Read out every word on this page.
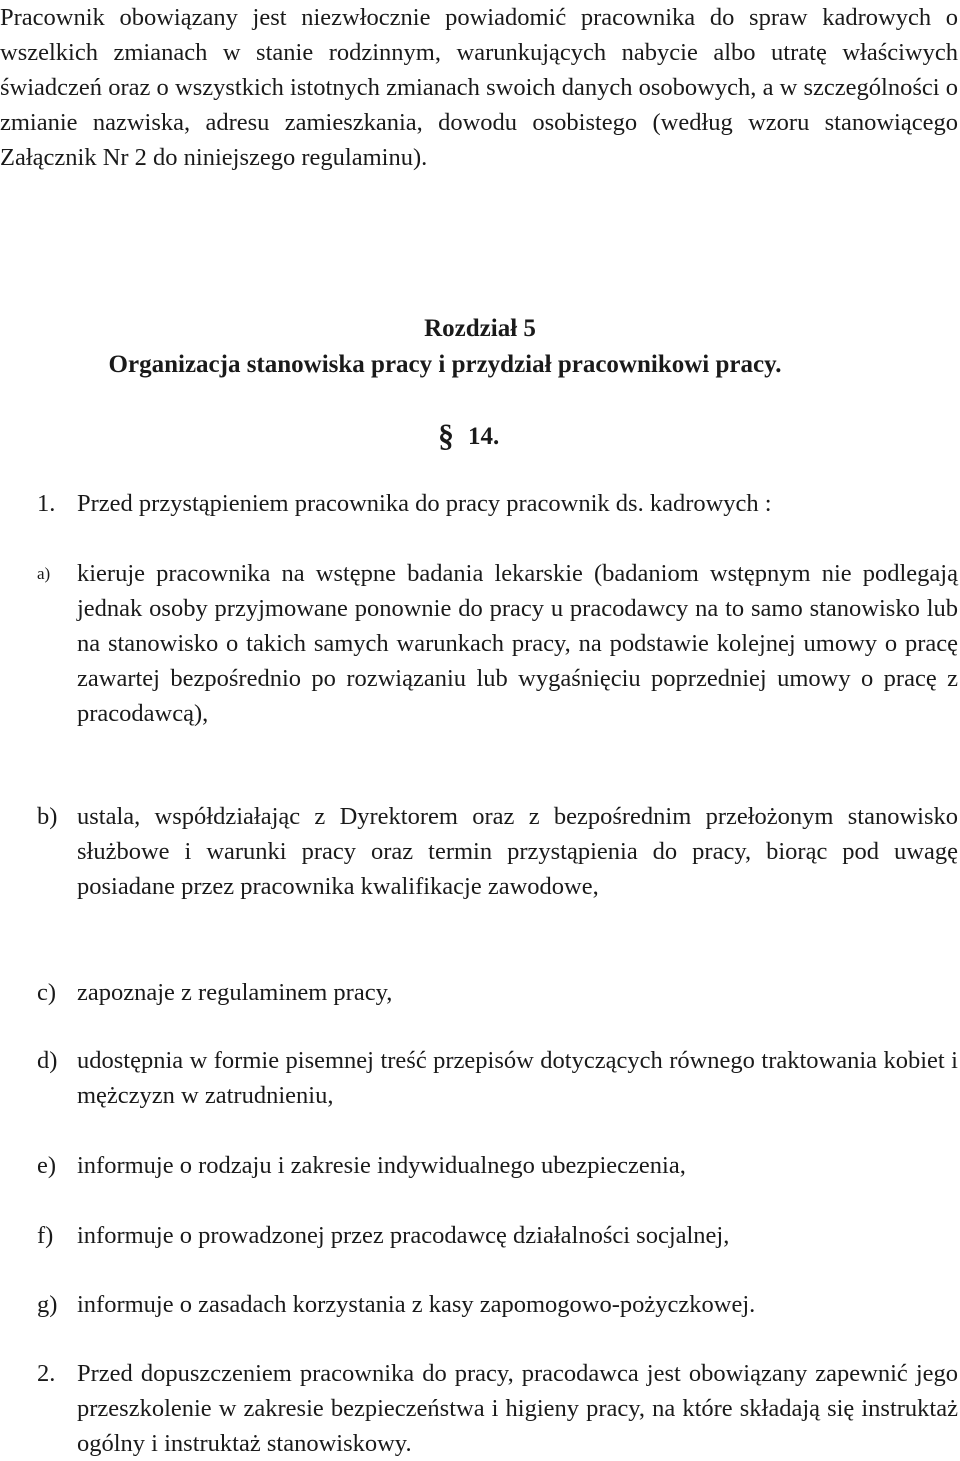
Pracownik obowiązany jest niezwłocznie powiadomić pracownika do spraw kadrowych o wszelkich zmianach w stanie rodzinnym, warunkujących nabycie albo utratę właściwych świadczeń oraz o wszystkich istotnych zmianach swoich danych osobowych, a w szczególności o zmianie nazwiska, adresu zamieszkania, dowodu osobistego (według wzoru stanowiącego Załącznik Nr 2 do niniejszego regulaminu).

Rozdział 5
Organizacja stanowiska pracy i przydział pracownikowi pracy.
§ 14.
1. Przed przystąpieniem pracownika do pracy pracownik ds. kadrowych :
a) kieruje pracownika na wstępne badania lekarskie (badaniom wstępnym nie podlegają jednak osoby przyjmowane ponownie do pracy u pracodawcy na to samo stanowisko lub na stanowisko o takich samych warunkach pracy, na podstawie kolejnej umowy o pracę zawartej bezpośrednio po rozwiązaniu lub wygaśnięciu poprzedniej umowy o pracę z pracodawcą),
b) ustala, współdziałając z Dyrektorem oraz z bezpośrednim przełożonym stanowisko służbowe i warunki pracy oraz termin przystąpienia do pracy, biorąc pod uwagę posiadane przez pracownika kwalifikacje zawodowe,
c) zapoznaje z regulaminem pracy,
d) udostępnia w formie pisemnej treść przepisów dotyczących równego traktowania kobiet i mężczyzn w zatrudnieniu,
e) informuje o rodzaju i zakresie indywidualnego ubezpieczenia,
f) informuje o prowadzonej przez pracodawcę działalności socjalnej,
g) informuje o zasadach korzystania z kasy zapomogowo-pożyczkowej.
2. Przed dopuszczeniem pracownika do pracy, pracodawca jest obowiązany zapewnić jego przeszkolenie w zakresie bezpieczeństwa i higieny pracy, na które składają się instruktaż ogólny i instruktaż stanowiskowy.
